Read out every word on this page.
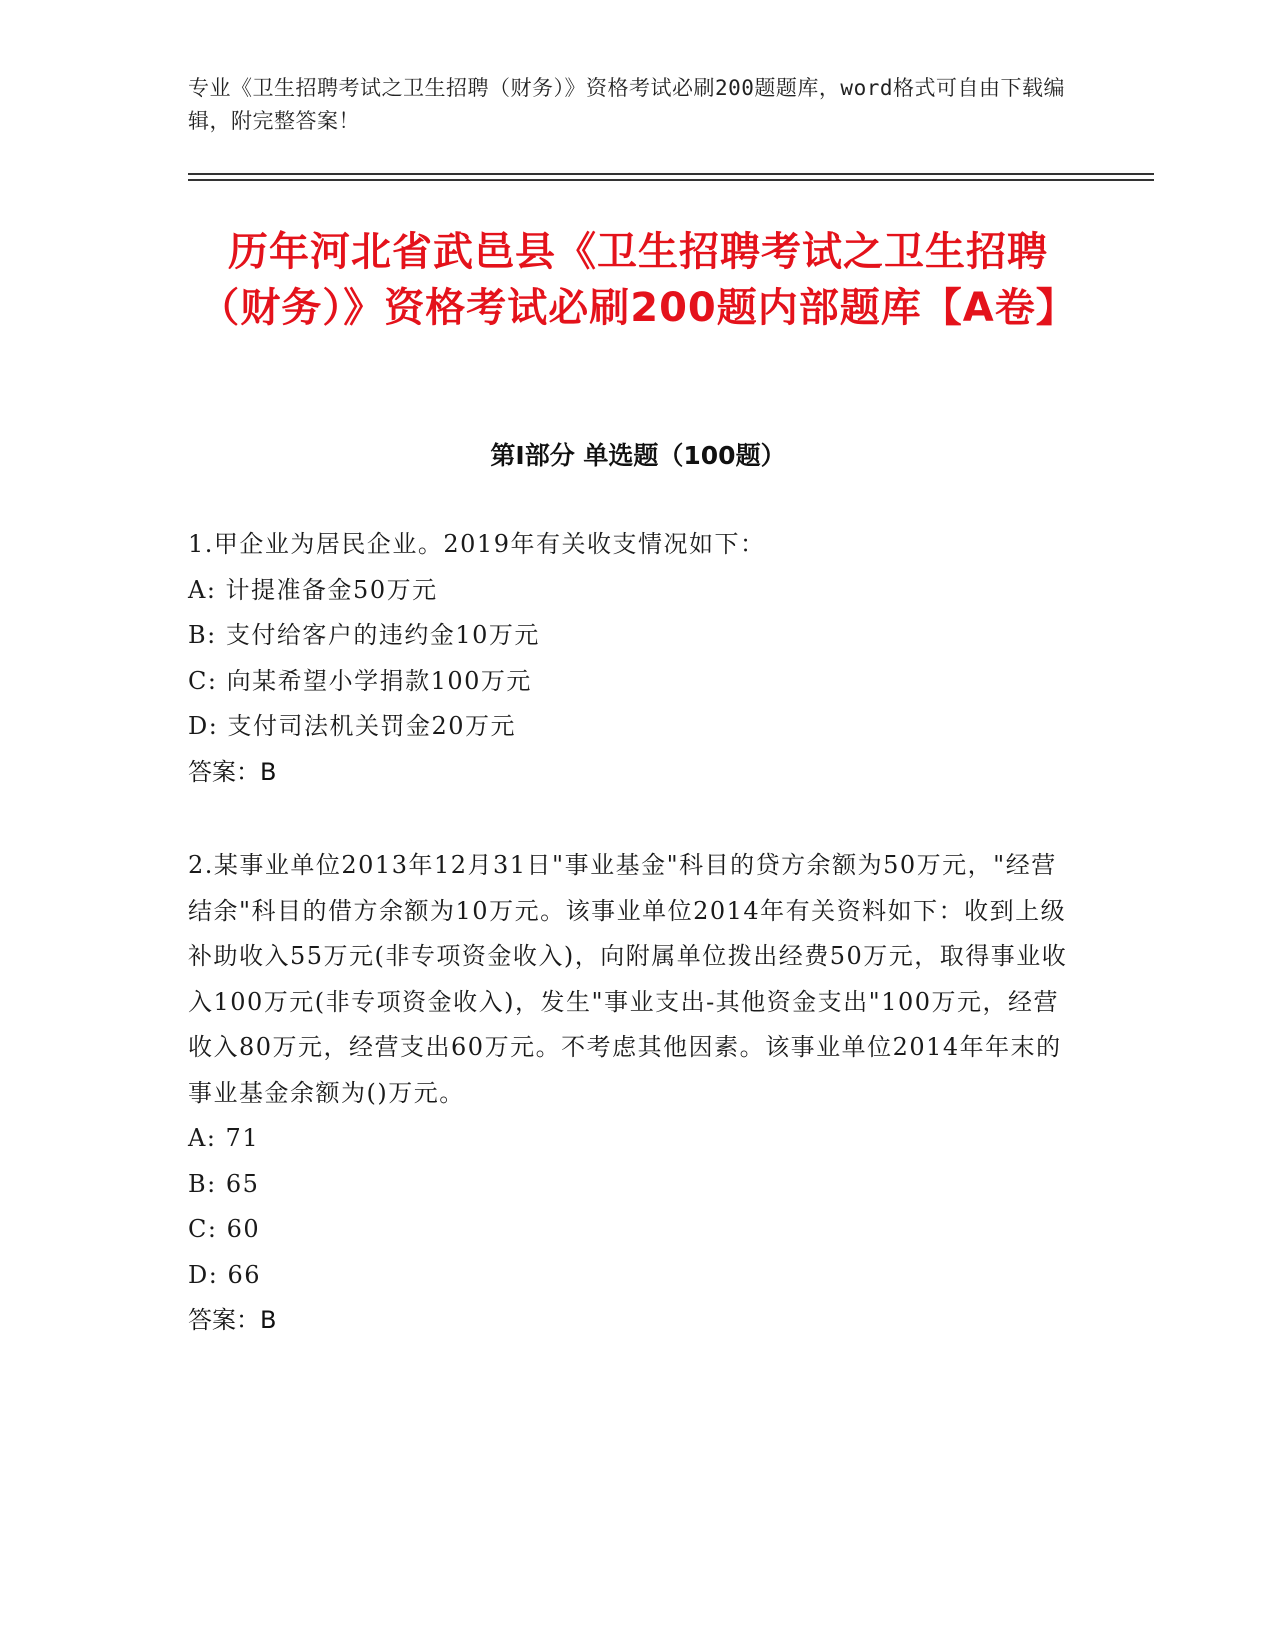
专业《卫生招聘考试之卫生招聘（财务）》资格考试必刷200题题库，word格式可自由下载编辑，附完整答案！
历年河北省武邑县《卫生招聘考试之卫生招聘（财务）》资格考试必刷200题内部题库【A卷】
第I部分 单选题（100题）
1.甲企业为居民企业。2019年有关收支情况如下：
A: 计提准备金50万元
B: 支付给客户的违约金10万元
C: 向某希望小学捐款100万元
D: 支付司法机关罚金20万元
答案：B
2.某事业单位2013年12月31日"事业基金"科目的贷方余额为50万元，"经营结余"科目的借方余额为10万元。该事业单位2014年有关资料如下：收到上级补助收入55万元(非专项资金收入)，向附属单位拨出经费50万元，取得事业收入100万元(非专项资金收入)，发生"事业支出-其他资金支出"100万元，经营收入80万元，经营支出60万元。不考虑其他因素。该事业单位2014年年末的事业基金余额为()万元。
A: 71
B: 65
C: 60
D: 66
答案：B
